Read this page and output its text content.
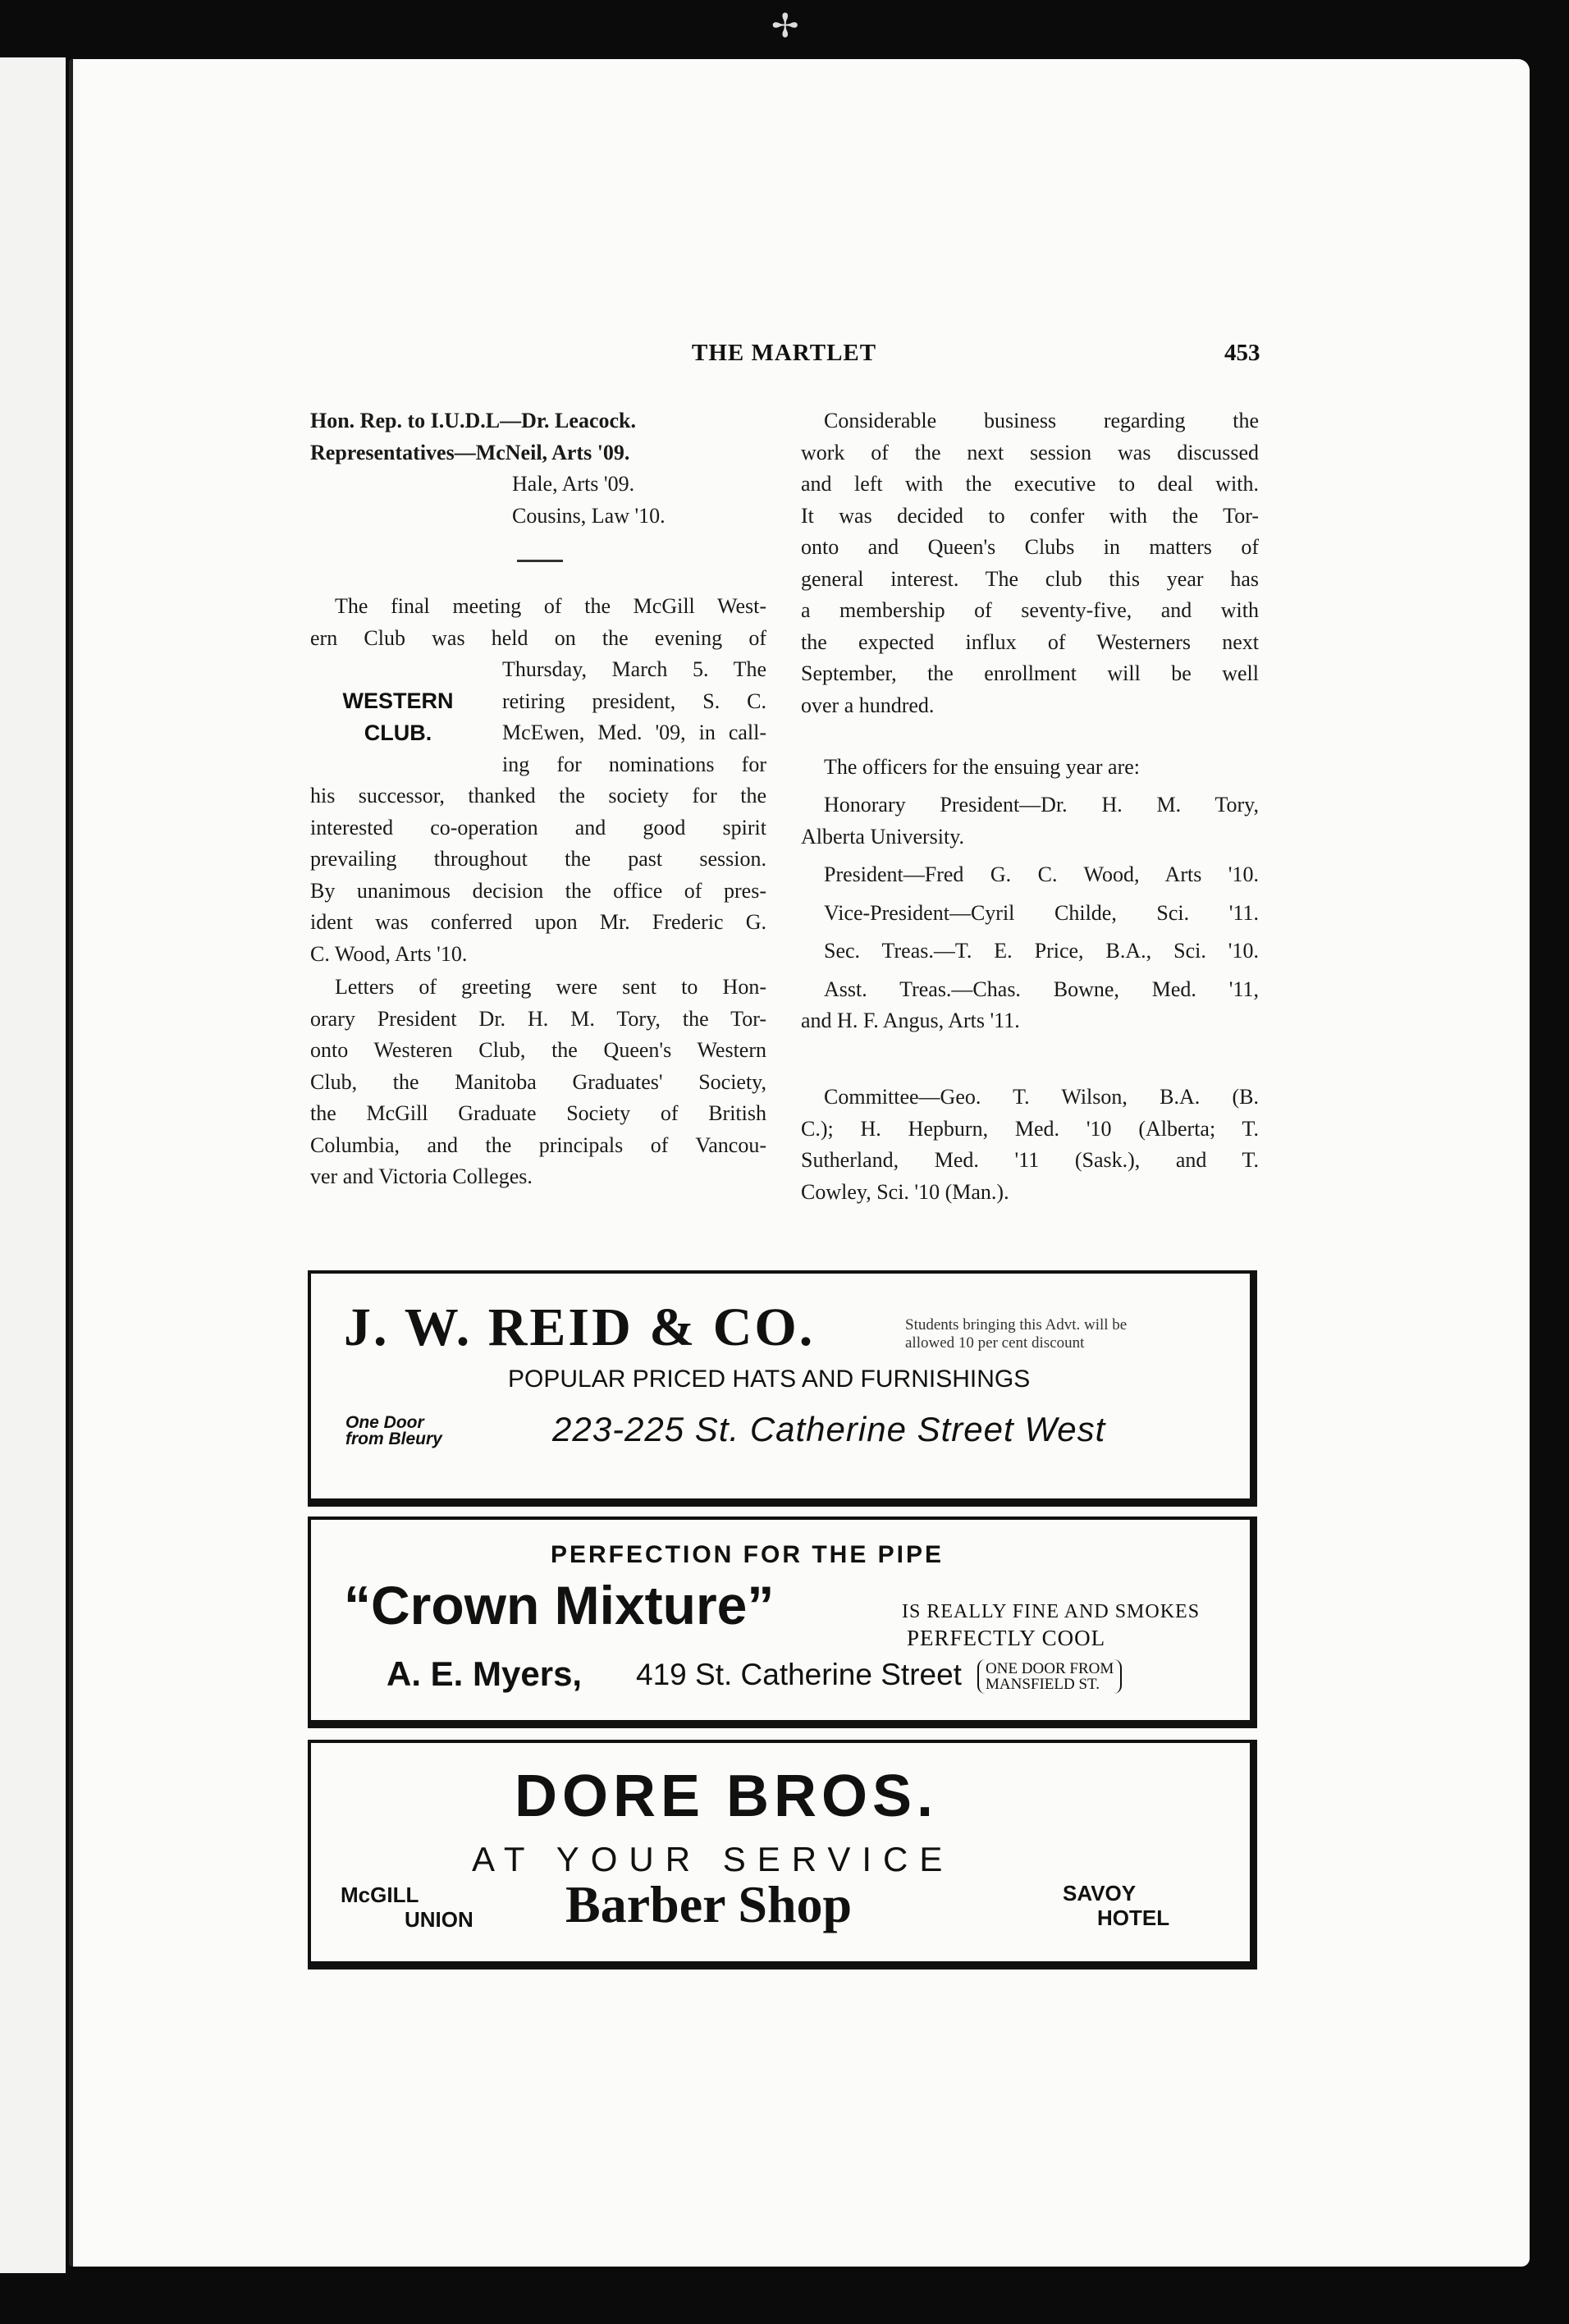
✢
THE MARTLET	453
Hon. Rep. to I.U.D.L—Dr. Leacock.
Representatives—McNeil, Arts '09.
Hale, Arts '09.
Cousins, Law '10.
The final meeting of the McGill West-
ern Club was held on the evening of
Thursday, March 5. The
retiring president, S. C.
McEwen, Med. '09, in call-
ing for nominations for
his successor, thanked the society for the
interested co-operation and good spirit
prevailing throughout the past session.
By unanimous decision the office of pres-
ident was conferred upon Mr. Frederic G.
C. Wood, Arts '10.
WESTERN
CLUB.
Letters of greeting were sent to Hon-
orary President Dr. H. M. Tory, the Tor-
onto Westeren Club, the Queen's Western
Club, the Manitoba Graduates' Society,
the McGill Graduate Society of British
Columbia, and the principals of Vancou-
ver and Victoria Colleges.
Considerable business regarding the
work of the next session was discussed
and left with the executive to deal with.
It was decided to confer with the Tor-
onto and Queen's Clubs in matters of
general interest. The club this year has
a membership of seventy-five, and with
the expected influx of Westerners next
September, the enrollment will be well
over a hundred.
The officers for the ensuing year are:
Honorary President—Dr. H. M. Tory,
Alberta University.
President—Fred G. C. Wood, Arts '10.
Vice-President—Cyril Childe, Sci. '11.
Sec. Treas.—T. E. Price, B.A., Sci. '10.
Asst. Treas.—Chas. Bowne, Med. '11,
and H. F. Angus, Arts '11.
Committee—Geo. T. Wilson, B.A. (B.
C.); H. Hepburn, Med. '10 (Alberta; T.
Sutherland, Med. '11 (Sask.), and T.
Cowley, Sci. '10 (Man.).
J. W. REID & CO.	Students bringing this Advt. will be
allowed 10 per cent discount
POPULAR PRICED HATS AND FURNISHINGS
One Door
from Bleury	223-225 St. Catherine Street West
PERFECTION FOR THE PIPE
“Crown Mixture”	IS REALLY FINE AND SMOKES
PERFECTLY COOL
A. E. Myers, 419 St. Catherine Street ONE DOOR FROM
MANSFIELD ST.
DORE BROS.
AT YOUR SERVICE
McGILL
UNION Barber Shop	SAVOY
HOTEL
